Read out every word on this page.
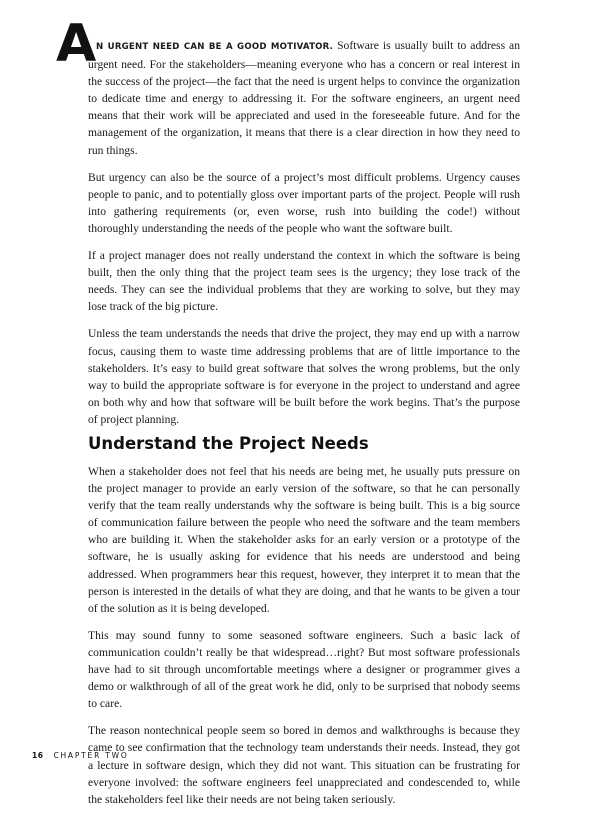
A N URGENT NEED CAN BE A GOOD MOTIVATOR. Software is usually built to address an urgent need. For the stakeholders—meaning everyone who has a concern or real interest in the success of the project—the fact that the need is urgent helps to convince the organization to dedicate time and energy to addressing it. For the software engineers, an urgent need means that their work will be appreciated and used in the foreseeable future. And for the management of the organization, it means that there is a clear direction in how they need to run things.

But urgency can also be the source of a project’s most difficult problems. Urgency causes people to panic, and to potentially gloss over important parts of the project. People will rush into gathering requirements (or, even worse, rush into building the code!) without thoroughly understanding the needs of the people who want the software built.

If a project manager does not really understand the context in which the software is being built, then the only thing that the project team sees is the urgency; they lose track of the needs. They can see the individual problems that they are working to solve, but they may lose track of the big picture.

Unless the team understands the needs that drive the project, they may end up with a narrow focus, causing them to waste time addressing problems that are of little importance to the stakeholders. It’s easy to build great software that solves the wrong problems, but the only way to build the appropriate software is for everyone in the project to understand and agree on both why and how that software will be built before the work begins. That’s the purpose of project planning.

Understand the Project Needs

When a stakeholder does not feel that his needs are being met, he usually puts pressure on the project manager to provide an early version of the software, so that he can personally verify that the team really understands why the software is being built. This is a big source of communication failure between the people who need the software and the team members who are building it. When the stakeholder asks for an early version or a prototype of the software, he is usually asking for evidence that his needs are understood and being addressed. When programmers hear this request, however, they interpret it to mean that the person is interested in the details of what they are doing, and that he wants to be given a tour of the solution as it is being developed.

This may sound funny to some seasoned software engineers. Such a basic lack of communication couldn’t really be that widespread…right? But most software professionals have had to sit through uncomfortable meetings where a designer or programmer gives a demo or walkthrough of all of the great work he did, only to be surprised that nobody seems to care.

The reason nontechnical people seem so bored in demos and walkthroughs is because they came to see confirmation that the technology team understands their needs. Instead, they got a lecture in software design, which they did not want. This situation can be frustrating for everyone involved: the software engineers feel unappreciated and condescended to, while the stakeholders feel like their needs are not being taken seriously.

16 CHAPTER TWO
